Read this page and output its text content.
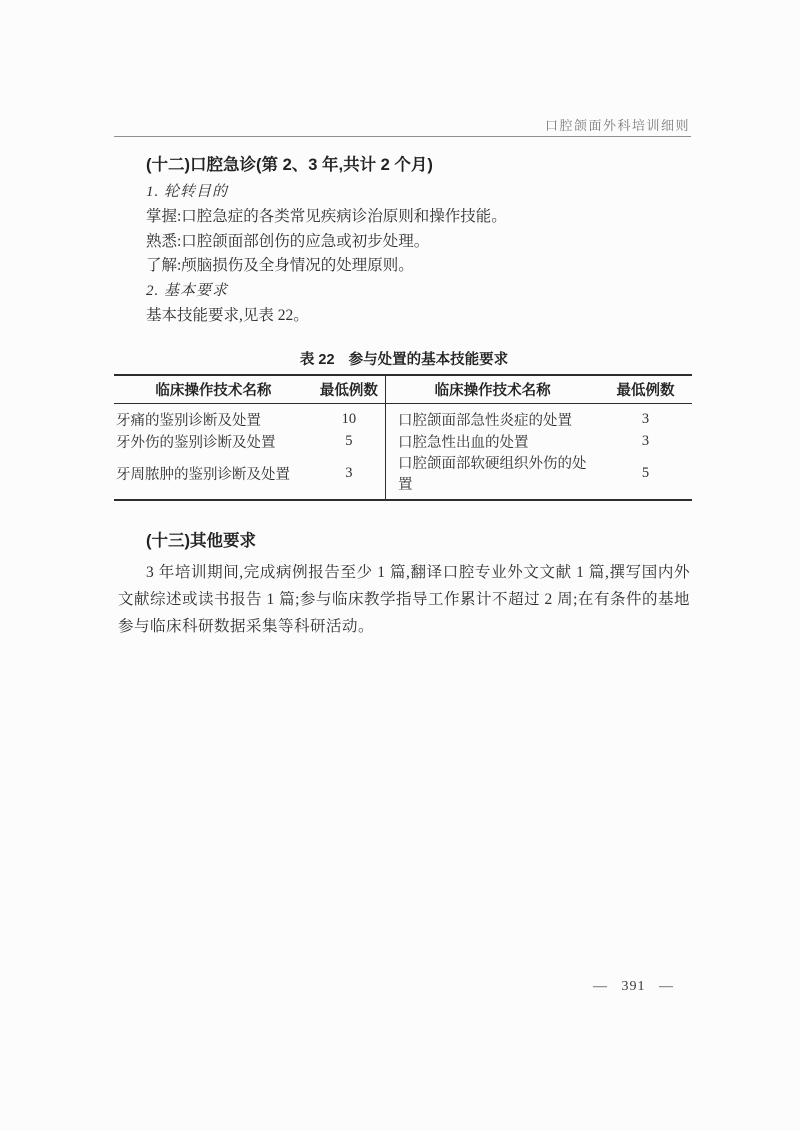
口腔颌面外科培训细则
(十二)口腔急诊(第 2、3 年,共计 2 个月)

1. 轮转目的

掌握:口腔急症的各类常见疾病诊治原则和操作技能。

熟悉:口腔颌面部创伤的应急或初步处理。

了解:颅脑损伤及全身情况的处理原则。

2. 基本要求

基本技能要求,见表 22。

表 22 参与处置的基本技能要求
临床操作技术名称	最低例数	临床操作技术名称	最低例数
牙痛的鉴别诊断及处置	10	口腔颌面部急性炎症的处置	3
牙外伤的鉴别诊断及处置	5	口腔急性出血的处置	3
牙周脓肿的鉴别诊断及处置	3	口腔颌面部软硬组织外伤的处置	5
(十三)其他要求

3 年培训期间,完成病例报告至少 1 篇,翻译口腔专业外文文献 1 篇,撰写国内外文献综述或读书报告 1 篇;参与临床教学指导工作累计不超过 2 周;在有条件的基地参与临床科研数据采集等科研活动。

— 391 —
